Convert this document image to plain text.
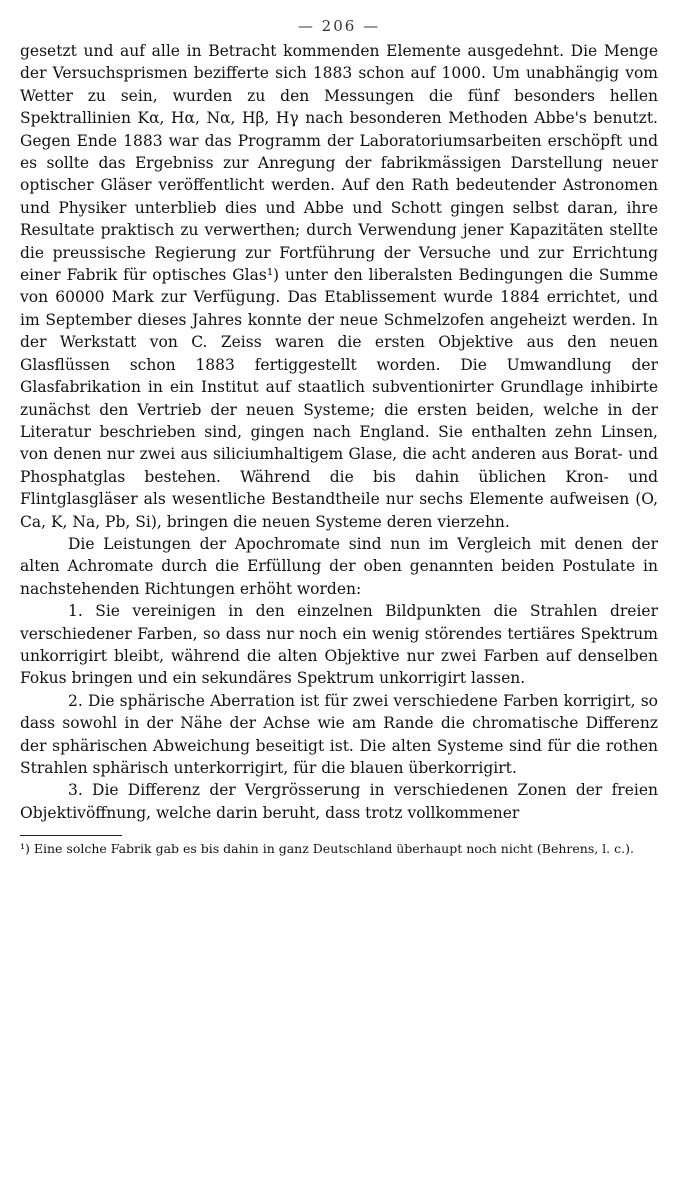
— 206 —

gesetzt und auf alle in Betracht kommenden Elemente ausgedehnt. Die Menge der Versuchsprismen bezifferte sich 1883 schon auf 1000. Um unabhängig vom Wetter zu sein, wurden zu den Messungen die fünf besonders hellen Spektrallinien Kα, Hα, Nα, Hβ, Hγ nach besonderen Methoden Abbe's benutzt. Gegen Ende 1883 war das Programm der Laboratoriumsarbeiten erschöpft und es sollte das Ergebniss zur Anregung der fabrikmässigen Darstellung neuer optischer Gläser veröffentlicht werden. Auf den Rath bedeutender Astronomen und Physiker unterblieb dies und Abbe und Schott gingen selbst daran, ihre Resultate praktisch zu verwerthen; durch Verwendung jener Kapazitäten stellte die preussische Regierung zur Fortführung der Versuche und zur Errichtung einer Fabrik für optisches Glas¹) unter den liberalsten Bedingungen die Summe von 60000 Mark zur Verfügung. Das Etablissement wurde 1884 errichtet, und im September dieses Jahres konnte der neue Schmelzofen angeheizt werden. In der Werkstatt von C. Zeiss waren die ersten Objektive aus den neuen Glasflüssen schon 1883 fertiggestellt worden. Die Umwandlung der Glasfabrikation in ein Institut auf staatlich subventionirter Grundlage inhibirte zunächst den Vertrieb der neuen Systeme; die ersten beiden, welche in der Literatur beschrieben sind, gingen nach England. Sie enthalten zehn Linsen, von denen nur zwei aus siliciumhaltigem Glase, die acht anderen aus Borat- und Phosphatglas bestehen. Während die bis dahin üblichen Kron- und Flintglasgläser als wesentliche Bestandtheile nur sechs Elemente aufweisen (O, Ca, K, Na, Pb, Si), bringen die neuen Systeme deren vierzehn.

Die Leistungen der Apochromate sind nun im Vergleich mit denen der alten Achromate durch die Erfüllung der oben genannten beiden Postulate in nachstehenden Richtungen erhöht worden:

1. Sie vereinigen in den einzelnen Bildpunkten die Strahlen dreier verschiedener Farben, so dass nur noch ein wenig störendes tertiäres Spektrum unkorrigirt bleibt, während die alten Objektive nur zwei Farben auf denselben Fokus bringen und ein sekundäres Spektrum unkorrigirt lassen.

2. Die sphärische Aberration ist für zwei verschiedene Farben korrigirt, so dass sowohl in der Nähe der Achse wie am Rande die chromatische Differenz der sphärischen Abweichung beseitigt ist. Die alten Systeme sind für die rothen Strahlen sphärisch unterkorrigirt, für die blauen überkorrigirt.

3. Die Differenz der Vergrösserung in verschiedenen Zonen der freien Objektivöffnung, welche darin beruht, dass trotz vollkommener

¹) Eine solche Fabrik gab es bis dahin in ganz Deutschland überhaupt noch nicht (Behrens, l. c.).
